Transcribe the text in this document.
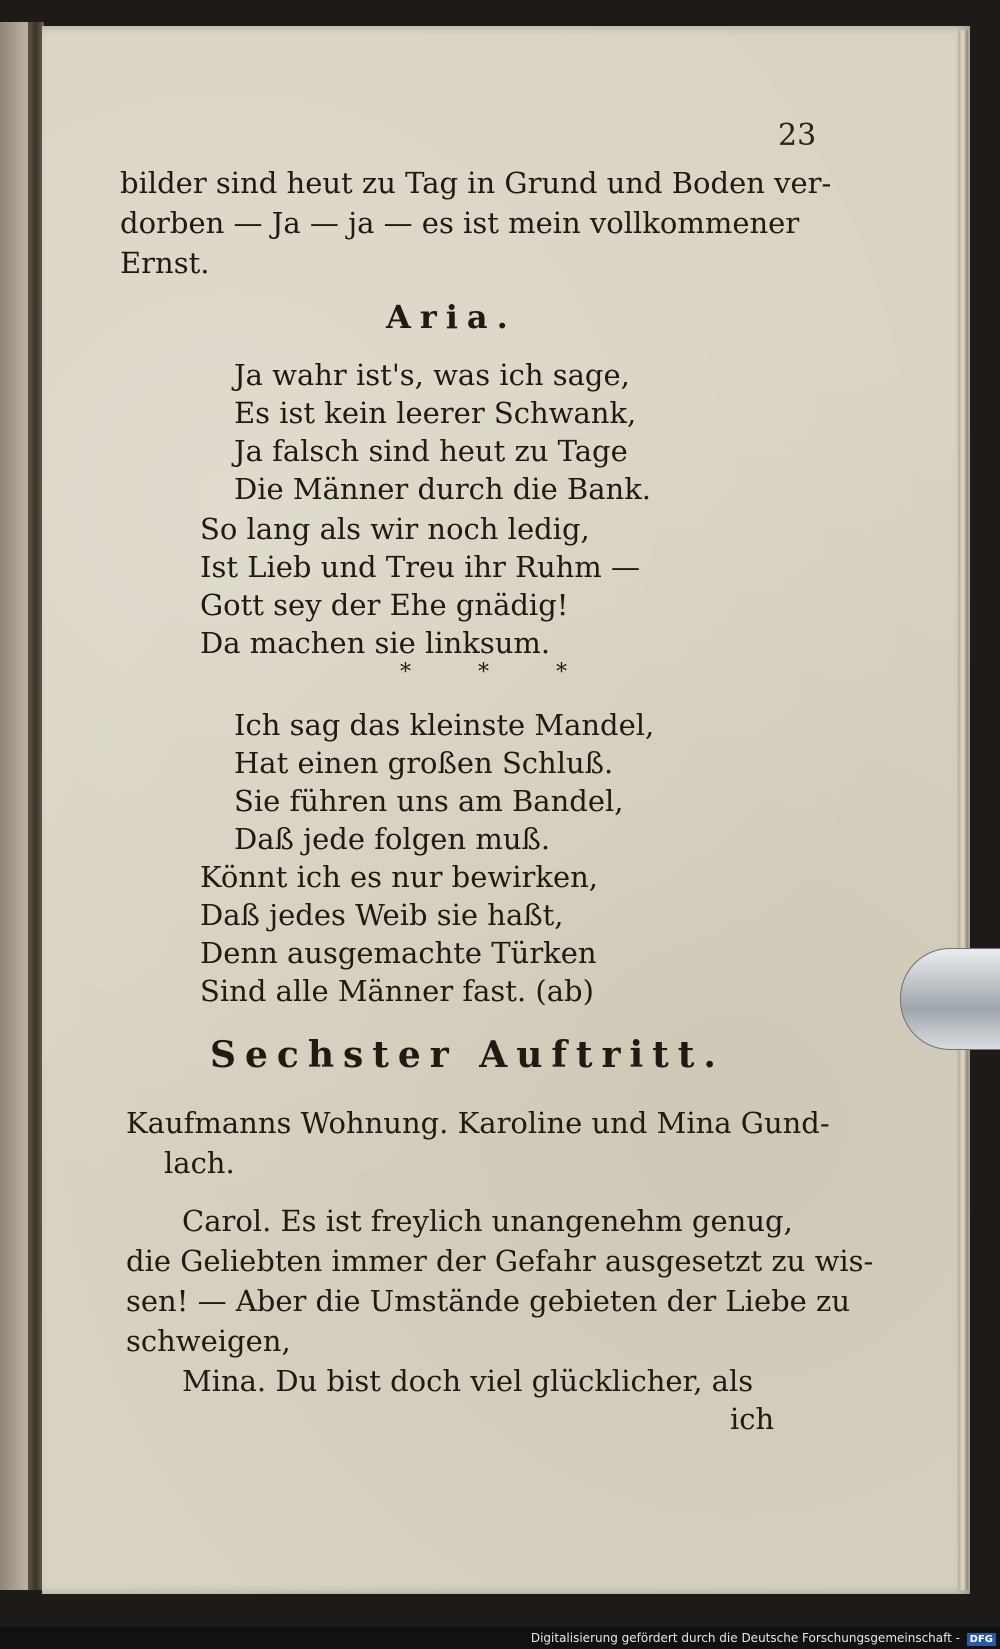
23
bilder sind heut zu Tag in Grund und Boden ver-
dorben — Ja — ja — es ist mein vollkommener
Ernst.
Aria.
Ja wahr ist's, was ich sage,
Es ist kein leerer Schwank,
Ja falsch sind heut zu Tage
Die Männer durch die Bank.
So lang als wir noch ledig,
Ist Lieb und Treu ihr Ruhm —
Gott sey der Ehe gnädig!
Da machen sie linksum.
* * *
Ich sag das kleinste Mandel,
Hat einen großen Schluß.
Sie führen uns am Bandel,
Daß jede folgen muß.
Könnt ich es nur bewirken,
Daß jedes Weib sie haßt,
Denn ausgemachte Türken
Sind alle Männer fast. (ab)
Sechster Auftritt.
Kaufmanns Wohnung. Karoline und Mina Gund-
lach.
Carol. Es ist freylich unangenehm genug,
die Geliebten immer der Gefahr ausgesetzt zu wis-
sen! — Aber die Umstände gebieten der Liebe zu
schweigen,
Mina. Du bist doch viel glücklicher, als
ich
Digitalisierung gefördert durch die Deutsche Forschungsgemeinschaft - DFG
